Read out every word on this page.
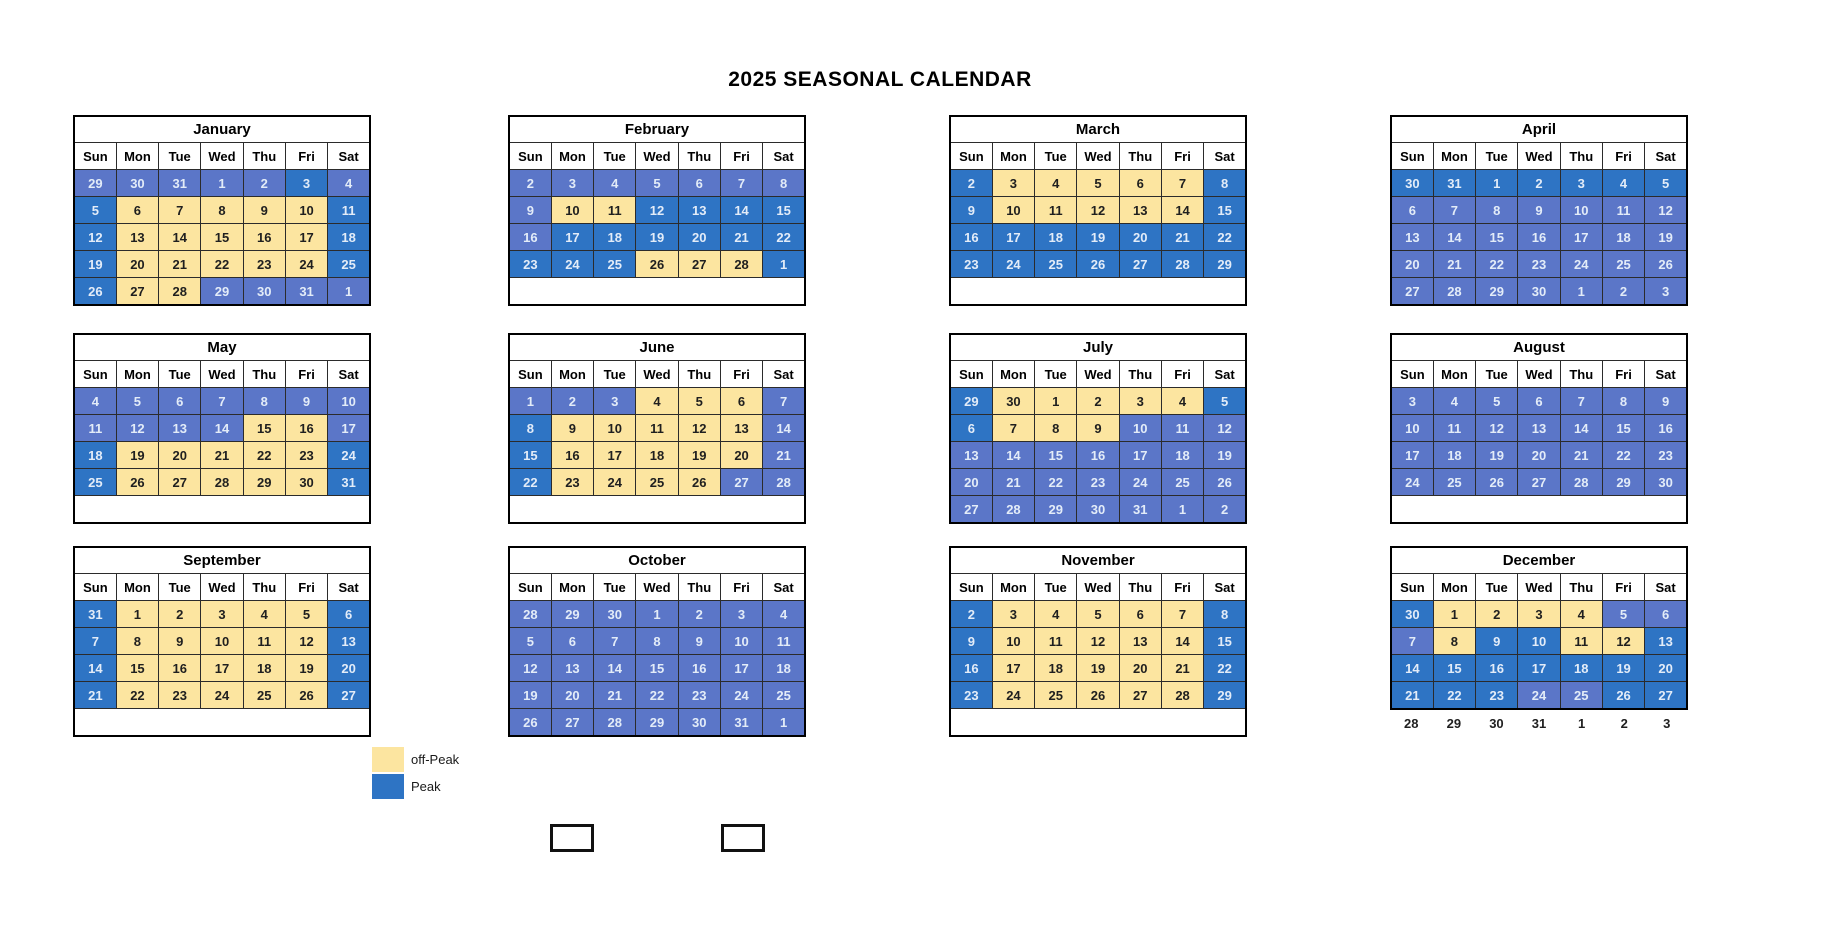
2025 SEASONAL CALENDAR
January						
Sun	Mon	Tue	Wed	Thu	Fri	Sat
29	30	31	1	2	3	4
5	6	7	8	9	10	11
12	13	14	15	16	17	18
19	20	21	22	23	24	25
26	27	28	29	30	31	1
February						
Sun	Mon	Tue	Wed	Thu	Fri	Sat
2	3	4	5	6	7	8
9	10	11	12	13	14	15
16	17	18	19	20	21	22
23	24	25	26	27	28	1

March						
Sun	Mon	Tue	Wed	Thu	Fri	Sat
2	3	4	5	6	7	8
9	10	11	12	13	14	15
16	17	18	19	20	21	22
23	24	25	26	27	28	29

April						
Sun	Mon	Tue	Wed	Thu	Fri	Sat
30	31	1	2	3	4	5
6	7	8	9	10	11	12
13	14	15	16	17	18	19
20	21	22	23	24	25	26
27	28	29	30	1	2	3
May						
Sun	Mon	Tue	Wed	Thu	Fri	Sat
4	5	6	7	8	9	10
11	12	13	14	15	16	17
18	19	20	21	22	23	24
25	26	27	28	29	30	31

June						
Sun	Mon	Tue	Wed	Thu	Fri	Sat
1	2	3	4	5	6	7
8	9	10	11	12	13	14
15	16	17	18	19	20	21
22	23	24	25	26	27	28

July						
Sun	Mon	Tue	Wed	Thu	Fri	Sat
29	30	1	2	3	4	5
6	7	8	9	10	11	12
13	14	15	16	17	18	19
20	21	22	23	24	25	26
27	28	29	30	31	1	2
August						
Sun	Mon	Tue	Wed	Thu	Fri	Sat
3	4	5	6	7	8	9
10	11	12	13	14	15	16
17	18	19	20	21	22	23
24	25	26	27	28	29	30

September						
Sun	Mon	Tue	Wed	Thu	Fri	Sat
31	1	2	3	4	5	6
7	8	9	10	11	12	13
14	15	16	17	18	19	20
21	22	23	24	25	26	27

October						
Sun	Mon	Tue	Wed	Thu	Fri	Sat
28	29	30	1	2	3	4
5	6	7	8	9	10	11
12	13	14	15	16	17	18
19	20	21	22	23	24	25
26	27	28	29	30	31	1
November						
Sun	Mon	Tue	Wed	Thu	Fri	Sat
2	3	4	5	6	7	8
9	10	11	12	13	14	15
16	17	18	19	20	21	22
23	24	25	26	27	28	29

December						
Sun	Mon	Tue	Wed	Thu	Fri	Sat
30	1	2	3	4	5	6
7	8	9	10	11	12	13
14	15	16	17	18	19	20
21	22	23	24	25	26	27
28	29	30	31	1	2	3
off-Peak
Peak
